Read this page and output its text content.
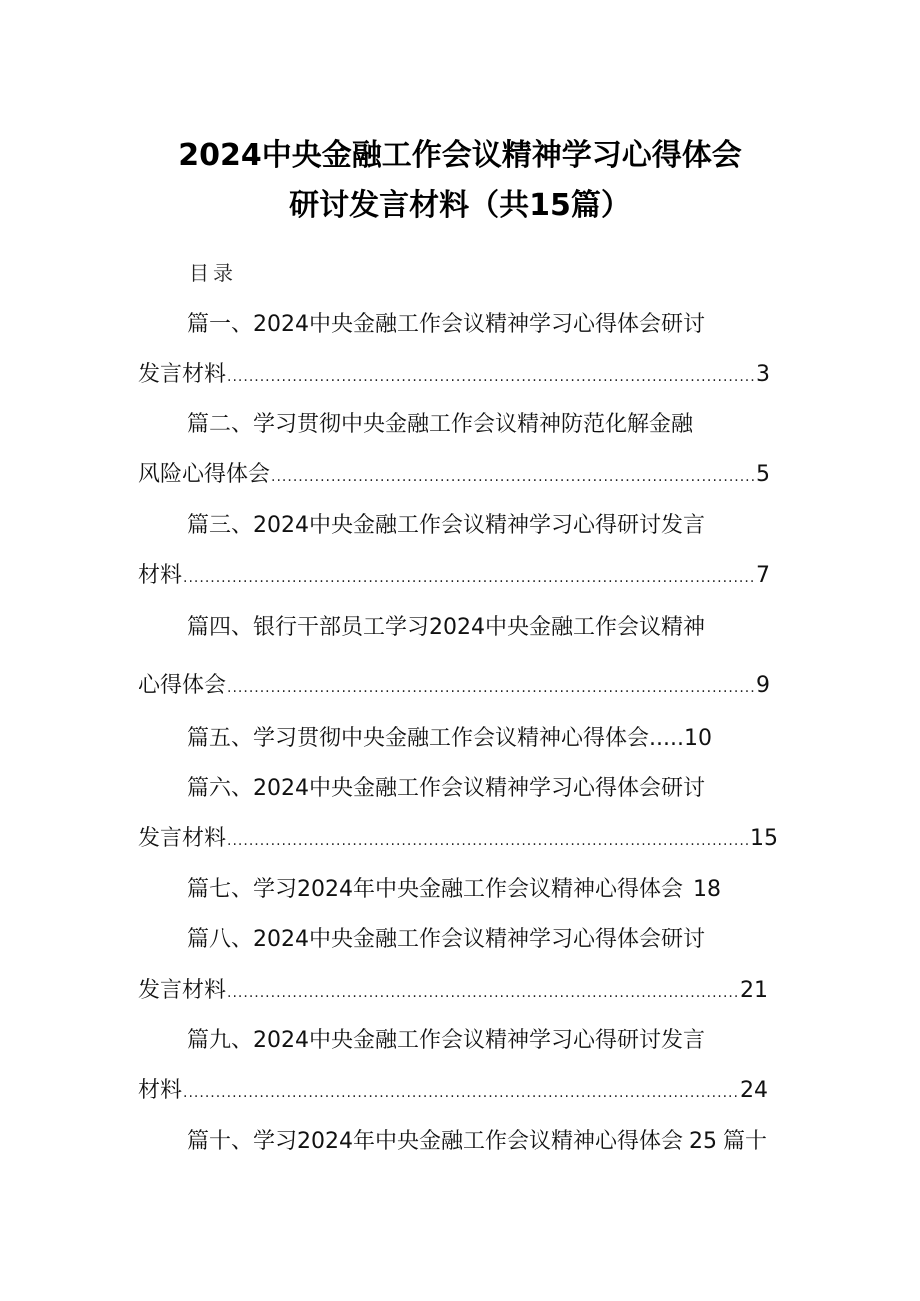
2024中央金融工作会议精神学习心得体会
研讨发言材料（共15篇）
目录
篇一、2024中央金融工作会议精神学习心得体会研讨
发言材料 .....	3
篇二、学习贯彻中央金融工作会议精神防范化解金融
风险心得体会 .....	5
篇三、2024中央金融工作会议精神学习心得研讨发言
材料 .....	7
篇四、银行干部员工学习2024中央金融工作会议精神
心得体会 .....	9
篇五、学习贯彻中央金融工作会议精神心得体会 ..... 10
篇六、2024中央金融工作会议精神学习心得体会研讨
发言材料 .....	15
篇七、学习2024年中央金融工作会议精神心得体会 18
篇八、2024中央金融工作会议精神学习心得体会研讨
发言材料 .....	21
篇九、2024中央金融工作会议精神学习心得研讨发言
材料 .....	24
篇十、学习2024年中央金融工作会议精神心得体会 25 篇十
